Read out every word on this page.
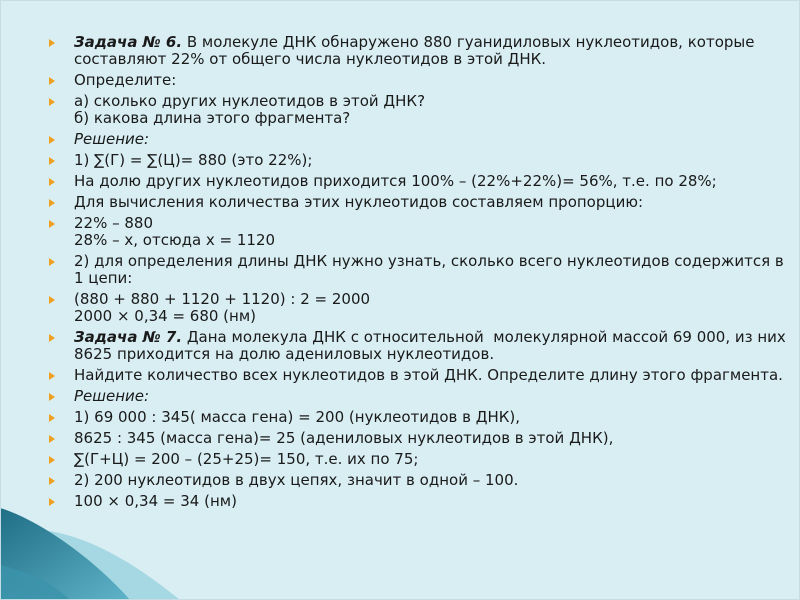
Задача № 6. В молекуле ДНК обнаружено 880 гуанидиловых нуклеотидов, которые составляют 22% от общего числа нуклеотидов в этой ДНК.
Определите:
а) сколько других нуклеотидов в этой ДНК?
б) какова длина этого фрагмента?
Решение:
1) ∑(Г) = ∑(Ц)= 880 (это 22%);
На долю других нуклеотидов приходится 100% – (22%+22%)= 56%, т.е. по 28%;
Для вычисления количества этих нуклеотидов составляем пропорцию:
22% – 880
28% – х, отсюда х = 1120
2) для определения длины ДНК нужно узнать, сколько всего нуклеотидов содержится в 1 цепи:
(880 + 880 + 1120 + 1120) : 2 = 2000
2000 × 0,34 = 680 (нм)
Задача № 7. Дана молекула ДНК с относительной  молекулярной массой 69 000, из них 8625 приходится на долю адениловых нуклеотидов.
Найдите количество всех нуклеотидов в этой ДНК. Определите длину этого фрагмента.
Решение:
1) 69 000 : 345( масса гена) = 200 (нуклеотидов в ДНК),
8625 : 345 (масса гена)= 25 (адениловых нуклеотидов в этой ДНК),
∑(Г+Ц) = 200 – (25+25)= 150, т.е. их по 75;
2) 200 нуклеотидов в двух цепях, значит в одной – 100.
100 × 0,34 = 34 (нм)
